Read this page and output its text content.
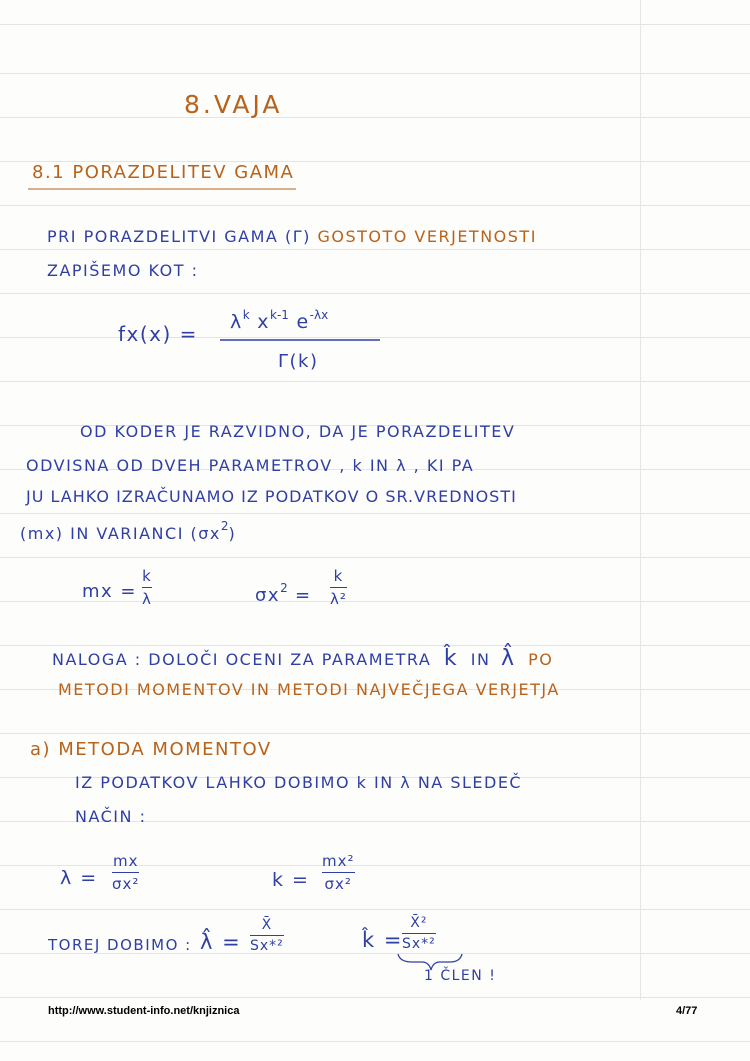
8.VAJA
8.1 PORAZDELITEV GAMA
PRI PORAZDELITVI GAMA (Γ) GOSTOTO VERJETNOSTI
ZAPIŠEMO KOT :
$fx(x) = \lambda^k$ $x^{k-1}$ $e^{-\lambda x}$
Γ(k)
OD KODER JE RAZVIDNO, DA JE PORAZDELITEV
ODVISNA OD DVEH PARAMETROV , k IN λ , KI PA
JU LAHKO IZRAČUNAMO IZ PODATKOV O SR.VREDNOSTI
(mx) IN VARIANCI $(\sigma x^2)$
mx =
k
λ	$\sigma x^2$ =
k
λ²
NALOGA : DOLOČI OCENI ZA PARAMETRA k̂ IN λ̂ PO
METODI MOMENTOV IN METODI NAJVEČJEGA VERJETJA
a) METODA MOMENTOV
IZ PODATKOV LAHKO DOBIMO k IN λ NA SLEDEČ
NAČIN :
λ =
mx
σx²	k =
mx²
σx²
TOREJ DOBIMO : λ̂ =
X̄
Sx*²	k̂ =
X̄²
Sx*²
1 ČLEN !
http://www.student-info.net/knjiznica	4/77
